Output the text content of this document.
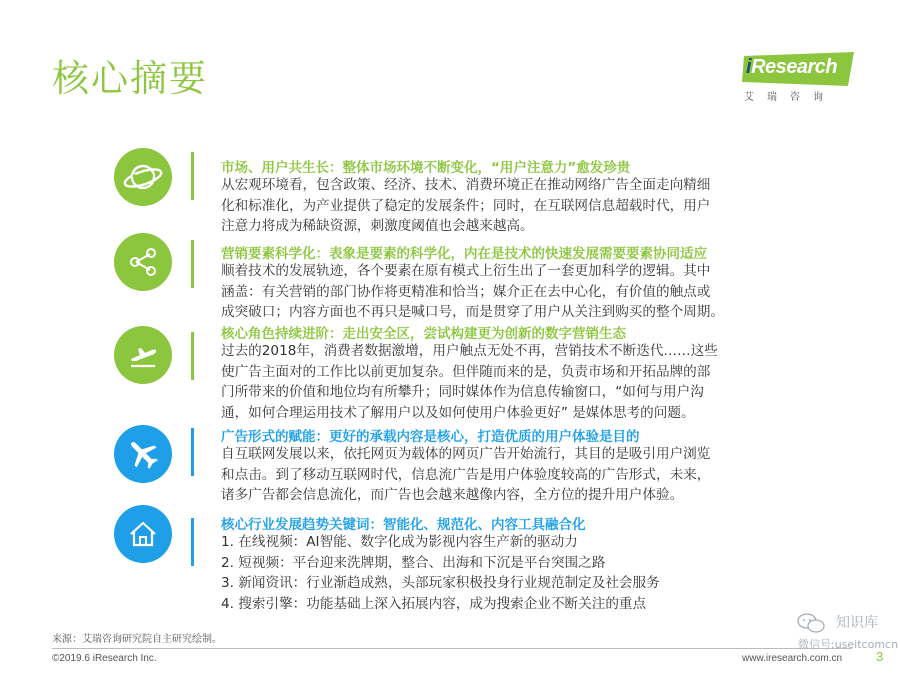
核心摘要	iResearch
艾瑞咨询
市场、用户共生长：整体市场环境不断变化，“用户注意力”愈发珍贵
从宏观环境看，包含政策、经济、技术、消费环境正在推动网络广告全面走向精细
化和标准化，为产业提供了稳定的发展条件；同时，在互联网信息超载时代，用户
注意力将成为稀缺资源，刺激度阈值也会越来越高。
营销要素科学化：表象是要素的科学化，内在是技术的快速发展需要要素协同适应
顺着技术的发展轨迹，各个要素在原有模式上衍生出了一套更加科学的逻辑。其中
涵盖：有关营销的部门协作将更精准和恰当；媒介正在去中心化，有价值的触点或
成突破口；内容方面也不再只是喊口号，而是贯穿了用户从关注到购买的整个周期。
核心角色持续进阶：走出安全区，尝试构建更为创新的数字营销生态
过去的2018年，消费者数据激增，用户触点无处不再，营销技术不断迭代……这些
使广告主面对的工作比以前更加复杂。但伴随而来的是，负责市场和开拓品牌的部
门所带来的价值和地位均有所攀升；同时媒体作为信息传输窗口，“如何与用户沟
通，如何合理运用技术了解用户以及如何使用户体验更好” 是媒体思考的问题。
广告形式的赋能：更好的承载内容是核心，打造优质的用户体验是目的
自互联网发展以来，依托网页为载体的网页广告开始流行，其目的是吸引用户浏览
和点击。到了移动互联网时代，信息流广告是用户体验度较高的广告形式，未来，
诸多广告都会信息流化，而广告也会越来越像内容，全方位的提升用户体验。
核心行业发展趋势关键词：智能化、规范化、内容工具融合化
1. 在线视频：AI智能、数字化成为影视内容生产新的驱动力
2. 短视频：平台迎来洗牌期，整合、出海和下沉是平台突围之路
3. 新闻资讯：行业渐趋成熟，头部玩家积极投身行业规范制定及社会服务
4. 搜索引擎：功能基础上深入拓展内容，成为搜索企业不断关注的重点
来源：艾瑞咨询研究院自主研究绘制。
©2019.6 iResearch Inc.	www.iresearch.com.cn	3
知识库
微信号:useitcomcn
